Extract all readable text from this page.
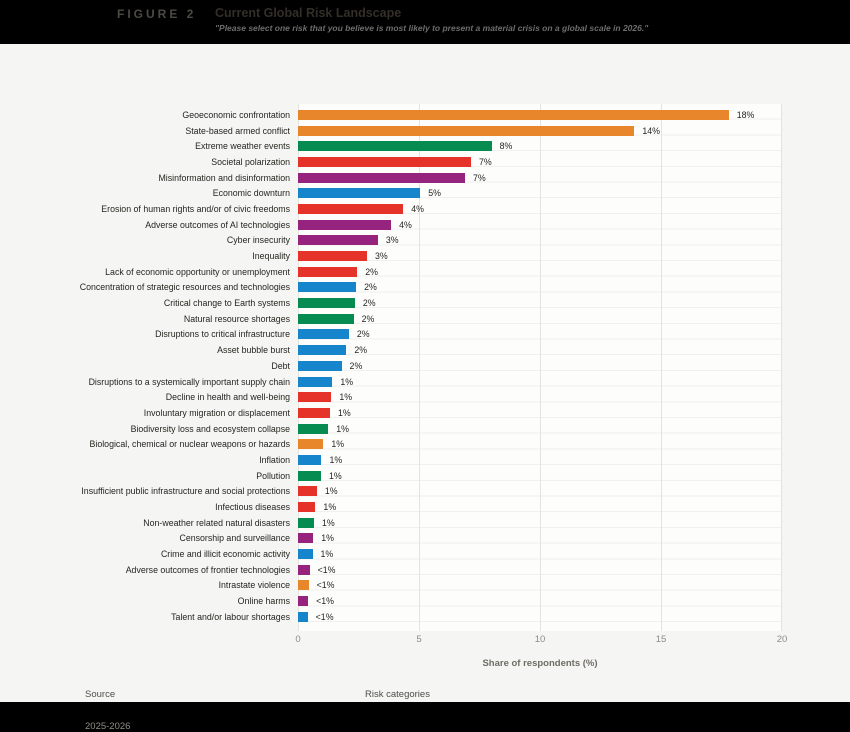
FIGURE 2 Current Global Risk Landscape
"Please select one risk that you believe is most likely to present a material crisis on a global scale in 2026."
Geoeconomic confrontation	18%
State-based armed conflict	14%
Extreme weather events	8%
Societal polarization	7%
Misinformation and disinformation	7%
Economic downturn	5%
Erosion of human rights and/or of civic freedoms	4%
Adverse outcomes of AI technologies	4%
Cyber insecurity	3%
Inequality	3%
Lack of economic opportunity or unemployment	2%
Concentration of strategic resources and technologies	2%
Critical change to Earth systems	2%
Natural resource shortages	2%
Disruptions to critical infrastructure	2%
Asset bubble burst	2%
Debt	2%
Disruptions to a systemically important supply chain	1%
Decline in health and well-being	1%
Involuntary migration or displacement	1%
Biodiversity loss and ecosystem collapse	1%
Biological, chemical or nuclear weapons or hazards	1%
Inflation	1%
Pollution	1%
Insufficient public infrastructure and social protections	1%
Infectious diseases	1%
Non-weather related natural disasters	1%
Censorship and surveillance	1%
Crime and illicit economic activity	1%
Adverse outcomes of frontier technologies	<1%
Intrastate violence	<1%
Online harms	<1%
Talent and/or labour shortages	<1%
0	5	10	15	20
Share of respondents (%)
Source
2025-2026
Risk categories
